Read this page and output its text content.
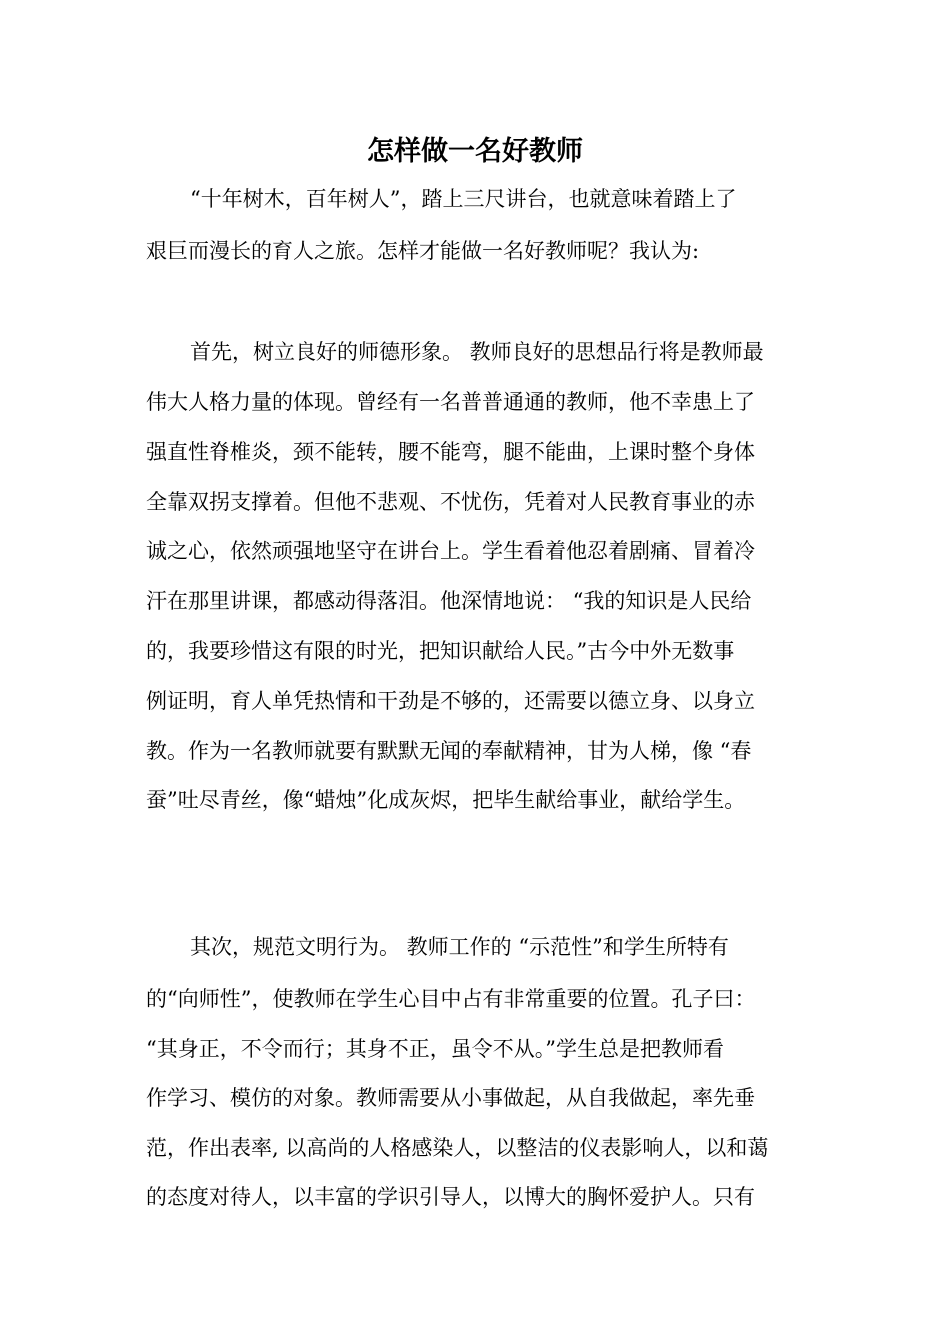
怎样做一名好教师

“十年树木，百年树人”，踏上三尺讲台，也就意味着踏上了

艰巨而漫长的育人之旅。怎样才能做一名好教师呢？我认为:

首先，树立良好的师德形象。 教师良好的思想品行将是教师最

伟大人格力量的体现。曾经有一名普普通通的教师，他不幸患上了

强直性脊椎炎，颈不能转，腰不能弯，腿不能曲，上课时整个身体

全靠双拐支撑着。但他不悲观、不忧伤，凭着对人民教育事业的赤

诚之心，依然顽强地坚守在讲台上。学生看着他忍着剧痛、冒着冷

汗在那里讲课，都感动得落泪。他深情地说： “我的知识是人民给

的，我要珍惜这有限的时光，把知识献给人民。”古今中外无数事

例证明，育人单凭热情和干劲是不够的，还需要以德立身、以身立

教。作为一名教师就要有默默无闻的奉献精神，甘为人梯，像 “春

蚕”吐尽青丝，像“蜡烛”化成灰烬，把毕生献给事业，献给学生。

其次，规范文明行为。 教师工作的 “示范性”和学生所特有

的“向师性”，使教师在学生心目中占有非常重要的位置。孔子曰：

“其身正，不令而行；其身不正，虽令不从。”学生总是把教师看

作学习、模仿的对象。教师需要从小事做起，从自我做起，率先垂

范，作出表率, 以高尚的人格感染人，以整洁的仪表影响人，以和蔼

的态度对待人，以丰富的学识引导人，以博大的胸怀爱护人。只有
